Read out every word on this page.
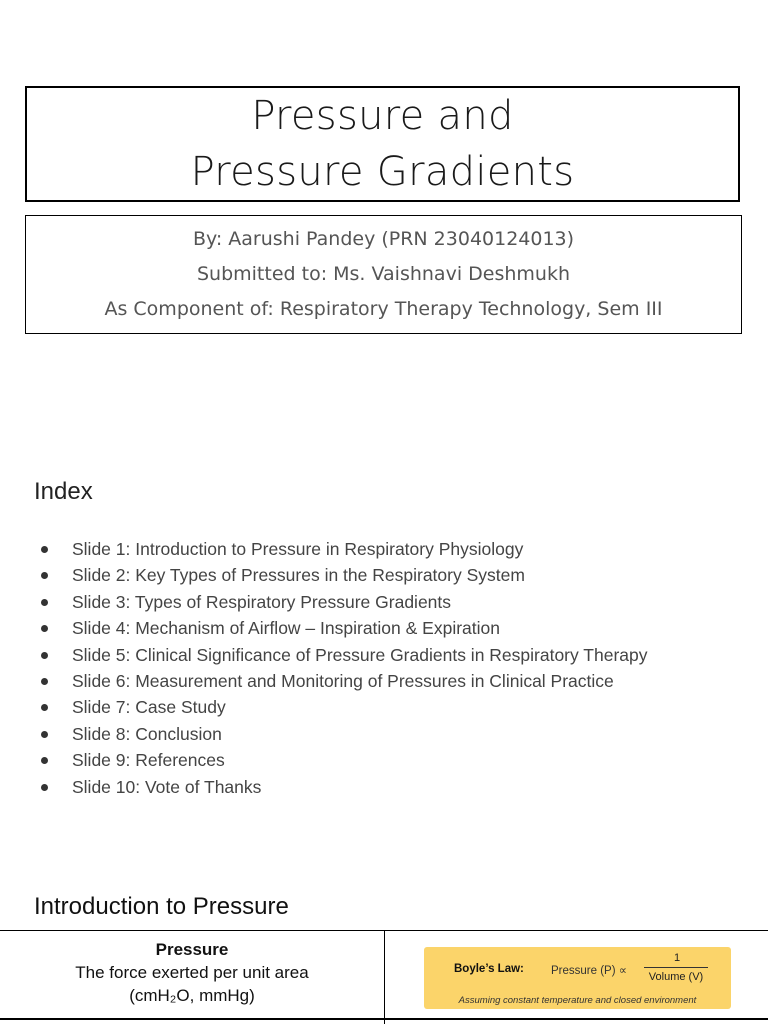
Pressure and
Pressure Gradients
By: Aarushi Pandey (PRN 23040124013)
Submitted to: Ms. Vaishnavi Deshmukh
As Component of: Respiratory Therapy Technology, Sem III
Index
Slide 1: Introduction to Pressure in Respiratory Physiology
Slide 2: Key Types of Pressures in the Respiratory System
Slide 3: Types of Respiratory Pressure Gradients
Slide 4: Mechanism of Airflow – Inspiration & Expiration
Slide 5: Clinical Significance of Pressure Gradients in Respiratory Therapy
Slide 6: Measurement and Monitoring of Pressures in Clinical Practice
Slide 7: Case Study
Slide 8: Conclusion
Slide 9: References
Slide 10: Vote of Thanks
Introduction to Pressure
Pressure
The force exerted per unit area
(cmH₂O, mmHg)
Boyle’s Law: Pressure (P) ∝
1
Volume (V)
Assuming constant temperature and closed environment
